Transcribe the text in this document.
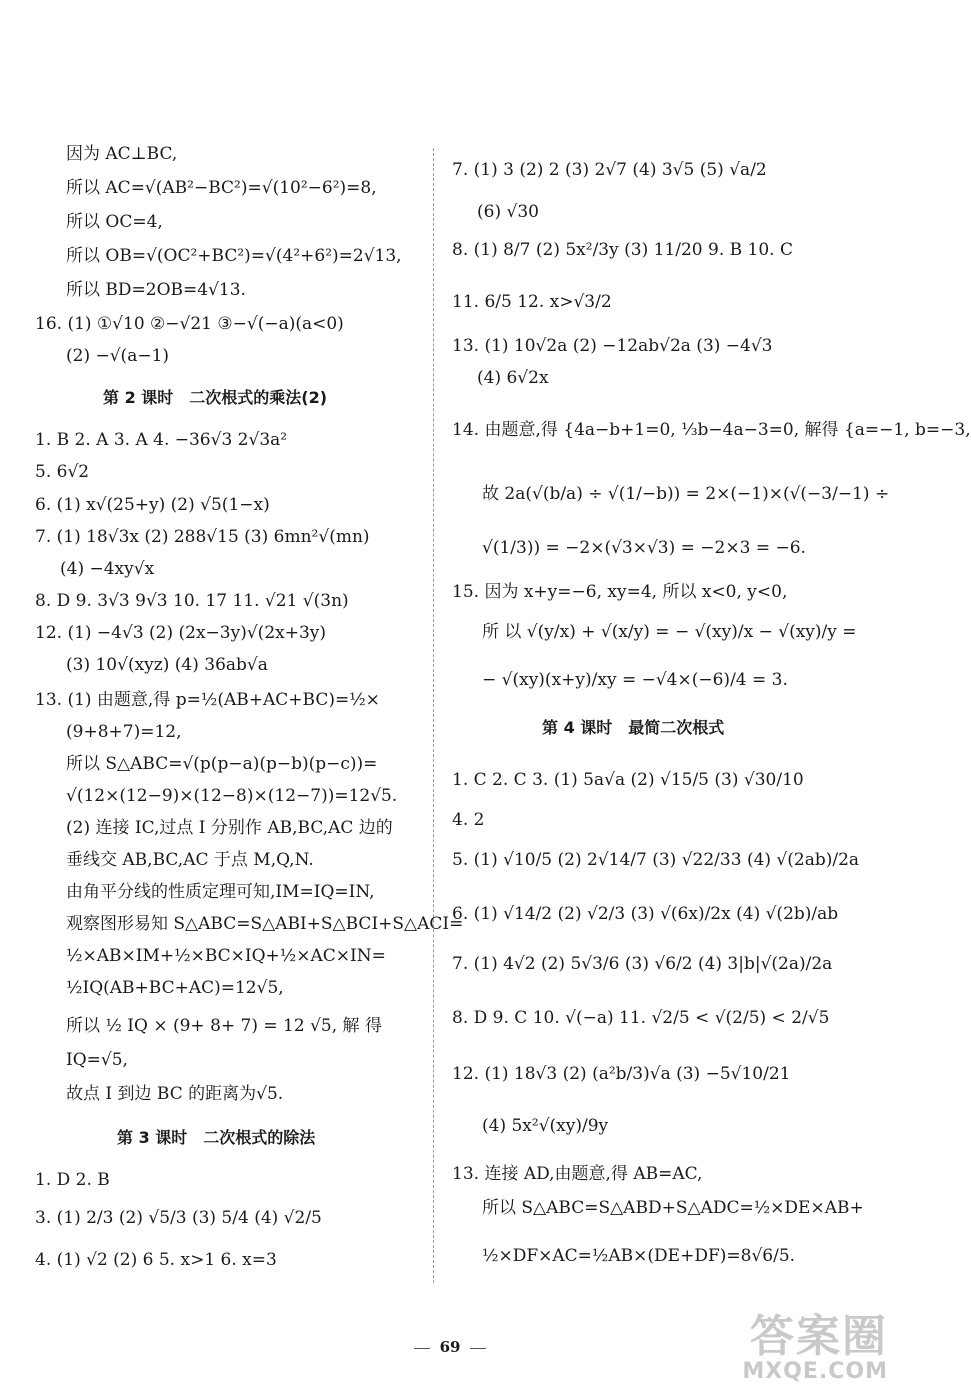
因为 AC⊥BC,
所以 AC=√(AB²−BC²)=√(10²−6²)=8,
所以 OC=4,
所以 OB=√(OC²+BC²)=√(4²+6²)=2√13,
所以 BD=2OB=4√13.
16. (1) ①√10 ②−√21 ③−√(−a)(a<0)
(2) −√(a−1)
第 2 课时　二次根式的乘法(2)
1. B 2. A 3. A 4. −36√3 2√3a²
5. 6√2
6. (1) x√(25+y) (2) √5(1−x)
7. (1) 18√3x (2) 288√15 (3) 6mn²√(mn)
(4) −4xy√x
8. D 9. 3√3 9√3 10. 17 11. √21 √(3n)
12. (1) −4√3 (2) (2x−3y)√(2x+3y)
(3) 10√(xyz) (4) 36ab√a
13. (1) 由题意,得 p=½(AB+AC+BC)=½×
(9+8+7)=12,
所以 S△ABC=√(p(p−a)(p−b)(p−c))=
√(12×(12−9)×(12−8)×(12−7))=12√5.
(2) 连接 IC,过点 I 分别作 AB,BC,AC 边的
垂线交 AB,BC,AC 于点 M,Q,N.
由角平分线的性质定理可知,IM=IQ=IN,
观察图形易知 S△ABC=S△ABI+S△BCI+S△ACI=
½×AB×IM+½×BC×IQ+½×AC×IN=
½IQ(AB+BC+AC)=12√5,
所以 ½ IQ × (9+ 8+ 7) = 12 √5, 解 得
IQ=√5,
故点 I 到边 BC 的距离为√5.
第 3 课时　二次根式的除法
1. D 2. B
3. (1) 2/3 (2) √5/3 (3) 5/4 (4) √2/5
4. (1) √2 (2) 6 5. x>1 6. x=3
7. (1) 3 (2) 2 (3) 2√7 (4) 3√5 (5) √a/2
(6) √30
8. (1) 8/7 (2) 5x²/3y (3) 11/20 9. B 10. C
11. 6/5 12. x>√3/2
13. (1) 10√2a (2) −12ab√2a (3) −4√3
(4) 6√2x
14. 由题意,得 {4a−b+1=0, ⅓b−4a−3=0, 解得 {a=−1, b=−3,
故 2a(√(b/a) ÷ √(1/−b)) = 2×(−1)×(√(−3/−1) ÷
√(1/3)) = −2×(√3×√3) = −2×3 = −6.
15. 因为 x+y=−6, xy=4, 所以 x<0, y<0,
所 以 √(y/x) + √(x/y) = − √(xy)/x − √(xy)/y =
− √(xy)(x+y)/xy = −√4×(−6)/4 = 3.
第 4 课时　最简二次根式
1. C 2. C 3. (1) 5a√a (2) √15/5 (3) √30/10
4. 2
5. (1) √10/5 (2) 2√14/7 (3) √22/33 (4) √(2ab)/2a
6. (1) √14/2 (2) √2/3 (3) √(6x)/2x (4) √(2b)/ab
7. (1) 4√2 (2) 5√3/6 (3) √6/2 (4) 3|b|√(2a)/2a
8. D 9. C 10. √(−a) 11. √2/5 < √(2/5) < 2/√5
12. (1) 18√3 (2) (a²b/3)√a (3) −5√10/21
(4) 5x²√(xy)/9y
13. 连接 AD,由题意,得 AB=AC,
所以 S△ABC=S△ABD+S△ADC=½×DE×AB+
½×DF×AC=½AB×(DE+DF)=8√6/5.
69	答案圈
MXQE.COM
